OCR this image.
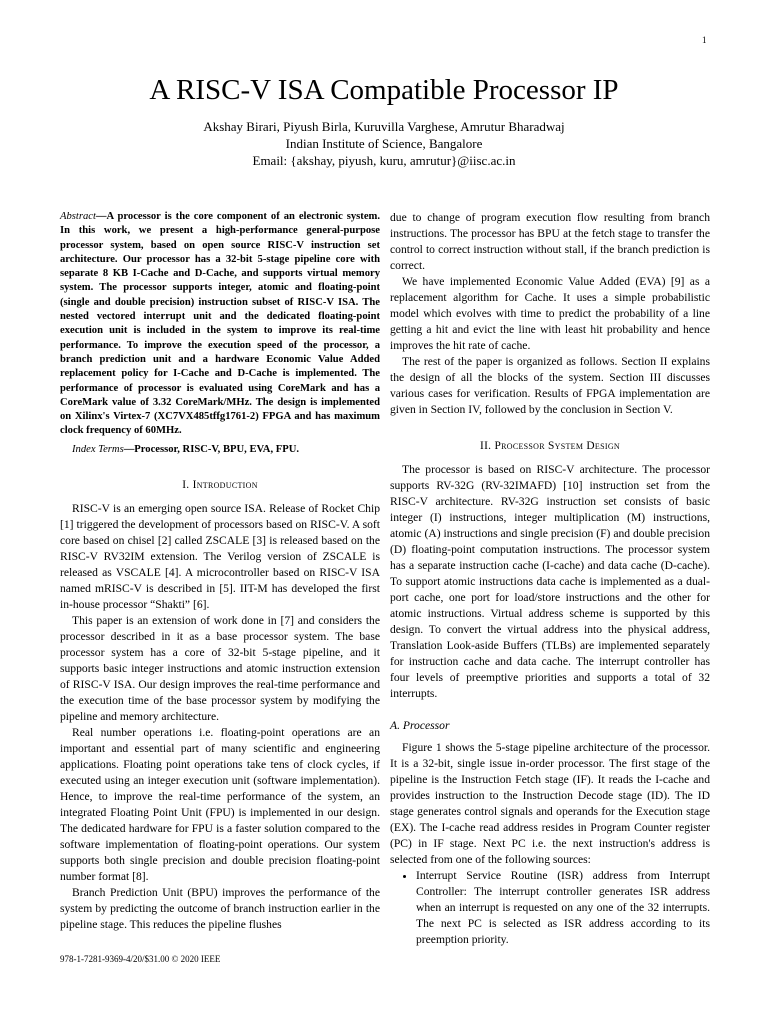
1
A RISC-V ISA Compatible Processor IP
Akshay Birari, Piyush Birla, Kuruvilla Varghese, Amrutur Bharadwaj
Indian Institute of Science, Bangalore
Email: {akshay, piyush, kuru, amrutur}@iisc.ac.in
Abstract—A processor is the core component of an electronic system. In this work, we present a high-performance general-purpose processor system, based on open source RISC-V instruction set architecture. Our processor has a 32-bit 5-stage pipeline core with separate 8 KB I-Cache and D-Cache, and supports virtual memory system. The processor supports integer, atomic and floating-point (single and double precision) instruction subset of RISC-V ISA. The nested vectored interrupt unit and the dedicated floating-point execution unit is included in the system to improve its real-time performance. To improve the execution speed of the processor, a branch prediction unit and a hardware Economic Value Added replacement policy for I-Cache and D-Cache is implemented. The performance of processor is evaluated using CoreMark and has a CoreMark value of 3.32 CoreMark/MHz. The design is implemented on Xilinx's Virtex-7 (XC7VX485tffg1761-2) FPGA and has maximum clock frequency of 60MHz.
Index Terms—Processor, RISC-V, BPU, EVA, FPU.
I. Introduction

RISC-V is an emerging open source ISA. Release of Rocket Chip [1] triggered the development of processors based on RISC-V. A soft core based on chisel [2] called ZSCALE [3] is released based on the RISC-V RV32IM extension. The Verilog version of ZSCALE is released as VSCALE [4]. A microcontroller based on RISC-V ISA named mRISC-V is described in [5]. IIT-M has developed the first in-house processor “Shakti” [6].

This paper is an extension of work done in [7] and considers the processor described in it as a base processor system. The base processor system has a core of 32-bit 5-stage pipeline, and it supports basic integer instructions and atomic instruction extension of RISC-V ISA. Our design improves the real-time performance and the execution time of the base processor system by modifying the pipeline and memory architecture.

Real number operations i.e. floating-point operations are an important and essential part of many scientific and engineering applications. Floating point operations take tens of clock cycles, if executed using an integer execution unit (software implementation). Hence, to improve the real-time performance of the system, an integrated Floating Point Unit (FPU) is implemented in our design. The dedicated hardware for FPU is a faster solution compared to the software implementation of floating-point operations. Our system supports both single precision and double precision floating-point number format [8].

Branch Prediction Unit (BPU) improves the performance of the system by predicting the outcome of branch instruction earlier in the pipeline stage. This reduces the pipeline flushes

due to change of program execution flow resulting from branch instructions. The processor has BPU at the fetch stage to transfer the control to correct instruction without stall, if the branch prediction is correct.

We have implemented Economic Value Added (EVA) [9] as a replacement algorithm for Cache. It uses a simple probabilistic model which evolves with time to predict the probability of a line getting a hit and evict the line with least hit probability and hence improves the hit rate of cache.

The rest of the paper is organized as follows. Section II explains the design of all the blocks of the system. Section III discusses various cases for verification. Results of FPGA implementation are given in Section IV, followed by the conclusion in Section V.

II. Processor System Design

The processor is based on RISC-V architecture. The processor supports RV-32G (RV-32IMAFD) [10] instruction set from the RISC-V architecture. RV-32G instruction set consists of basic integer (I) instructions, integer multiplication (M) instructions, atomic (A) instructions and single precision (F) and double precision (D) floating-point computation instructions. The processor system has a separate instruction cache (I-cache) and data cache (D-cache). To support atomic instructions data cache is implemented as a dual-port cache, one port for load/store instructions and the other for atomic instructions. Virtual address scheme is supported by this design. To convert the virtual address into the physical address, Translation Look-aside Buffers (TLBs) are implemented separately for instruction cache and data cache. The interrupt controller has four levels of preemptive priorities and supports a total of 32 interrupts.

A. Processor

Figure 1 shows the 5-stage pipeline architecture of the processor. It is a 32-bit, single issue in-order processor. The first stage of the pipeline is the Instruction Fetch stage (IF). It reads the I-cache and provides instruction to the Instruction Decode stage (ID). The ID stage generates control signals and operands for the Execution stage (EX). The I-cache read address resides in Program Counter register (PC) in IF stage. Next PC i.e. the next instruction's address is selected from one of the following sources:

• Interrupt Service Routine (ISR) address from Interrupt Controller: The interrupt controller generates ISR address when an interrupt is requested on any one of the 32 interrupts. The next PC is selected as ISR address according to its preemption priority.
978-1-7281-9369-4/20/$31.00 © 2020 IEEE
